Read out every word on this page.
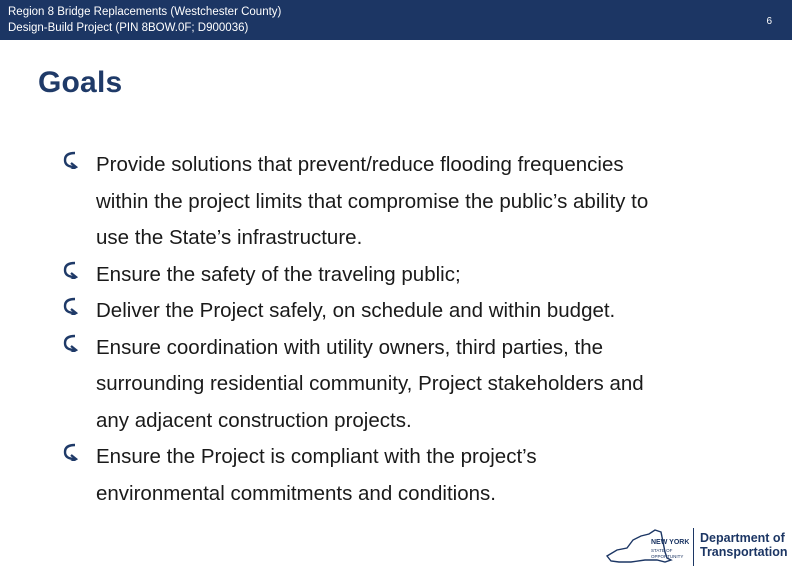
Region 8 Bridge Replacements (Westchester County)
Design-Build Project (PIN 8BOW.0F; D900036)
6
Goals
Provide solutions that prevent/reduce flooding frequencies
within the project limits that compromise the public’s ability to
use the State’s infrastructure.
Ensure the safety of the traveling public;
Deliver the Project safely, on schedule and within budget.
Ensure coordination with utility owners, third parties, the
surrounding residential community, Project stakeholders and
any adjacent construction projects.
Ensure the Project is compliant with the project’s
environmental commitments and conditions.
NEW YORK
STATE OF
OPPORTUNITY
Department of
Transportation
